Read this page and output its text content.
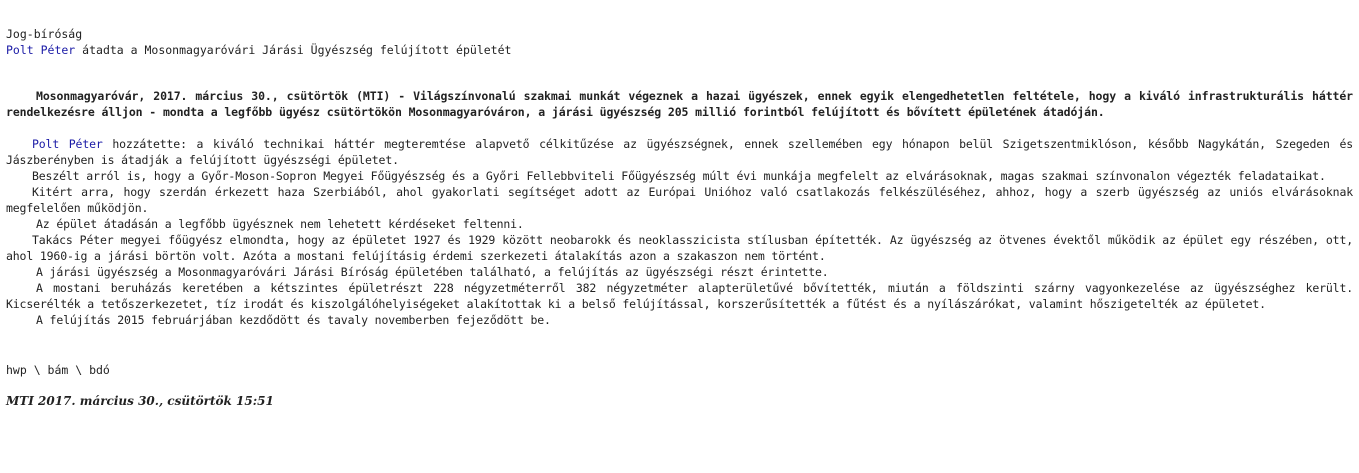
Jog-bíróság
Polt Péter átadta a Mosonmagyaróvári Járási Ügyészség felújított épületét
Mosonmagyaróvár, 2017. március 30., csütörtök (MTI) - Világszínvonalú szakmai munkát végeznek a hazai ügyészek, ennek egyik elengedhetetlen feltétele, hogy a kiváló infrastrukturális háttér rendelkezésre álljon - mondta a legfőbb ügyész csütörtökön Mosonmagyaróváron, a járási ügyészség 205 millió forintból felújított és bővített épületének átadóján.
Polt Péter hozzátette: a kiváló technikai háttér megteremtése alapvető célkitűzése az ügyészségnek, ennek szellemében egy hónapon belül Szigetszentmiklóson, később Nagykátán, Szegeden és Jászberényben is átadják a felújított ügyészségi épületet.
Beszélt arról is, hogy a Győr-Moson-Sopron Megyei Főügyészség és a Győri Fellebbviteli Főügyészség múlt évi munkája megfelelt az elvárásoknak, magas szakmai színvonalon végezték feladataikat.
Kitért arra, hogy szerdán érkezett haza Szerbiából, ahol gyakorlati segítséget adott az Európai Unióhoz való csatlakozás felkészüléséhez, ahhoz, hogy a szerb ügyészség az uniós elvárásoknak megfelelően működjön.
Az épület átadásán a legfőbb ügyésznek nem lehetett kérdéseket feltenni.
Takács Péter megyei főügyész elmondta, hogy az épületet 1927 és 1929 között neobarokk és neoklasszicista stílusban építették. Az ügyészség az ötvenes évektől működik az épület egy részében, ott, ahol 1960-ig a járási börtön volt. Azóta a mostani felújításig érdemi szerkezeti átalakítás azon a szakaszon nem történt.
A járási ügyészség a Mosonmagyaróvári Járási Bíróság épületében található, a felújítás az ügyészségi részt érintette.
A mostani beruházás keretében a kétszintes épületrészt 228 négyzetméterről 382 négyzetméter alapterületűvé bővítették, miután a földszinti szárny vagyonkezelése az ügyészséghez került. Kicserélték a tetőszerkezetet, tíz irodát és kiszolgálóhelyiségeket alakítottak ki a belső felújítással, korszerűsítették a fűtést és a nyílászárókat, valamint hőszigetelték az épületet.
A felújítás 2015 februárjában kezdődött és tavaly novemberben fejeződött be.
hwp \ bám \ bdó
MTI 2017. március 30., csütörtök 15:51
